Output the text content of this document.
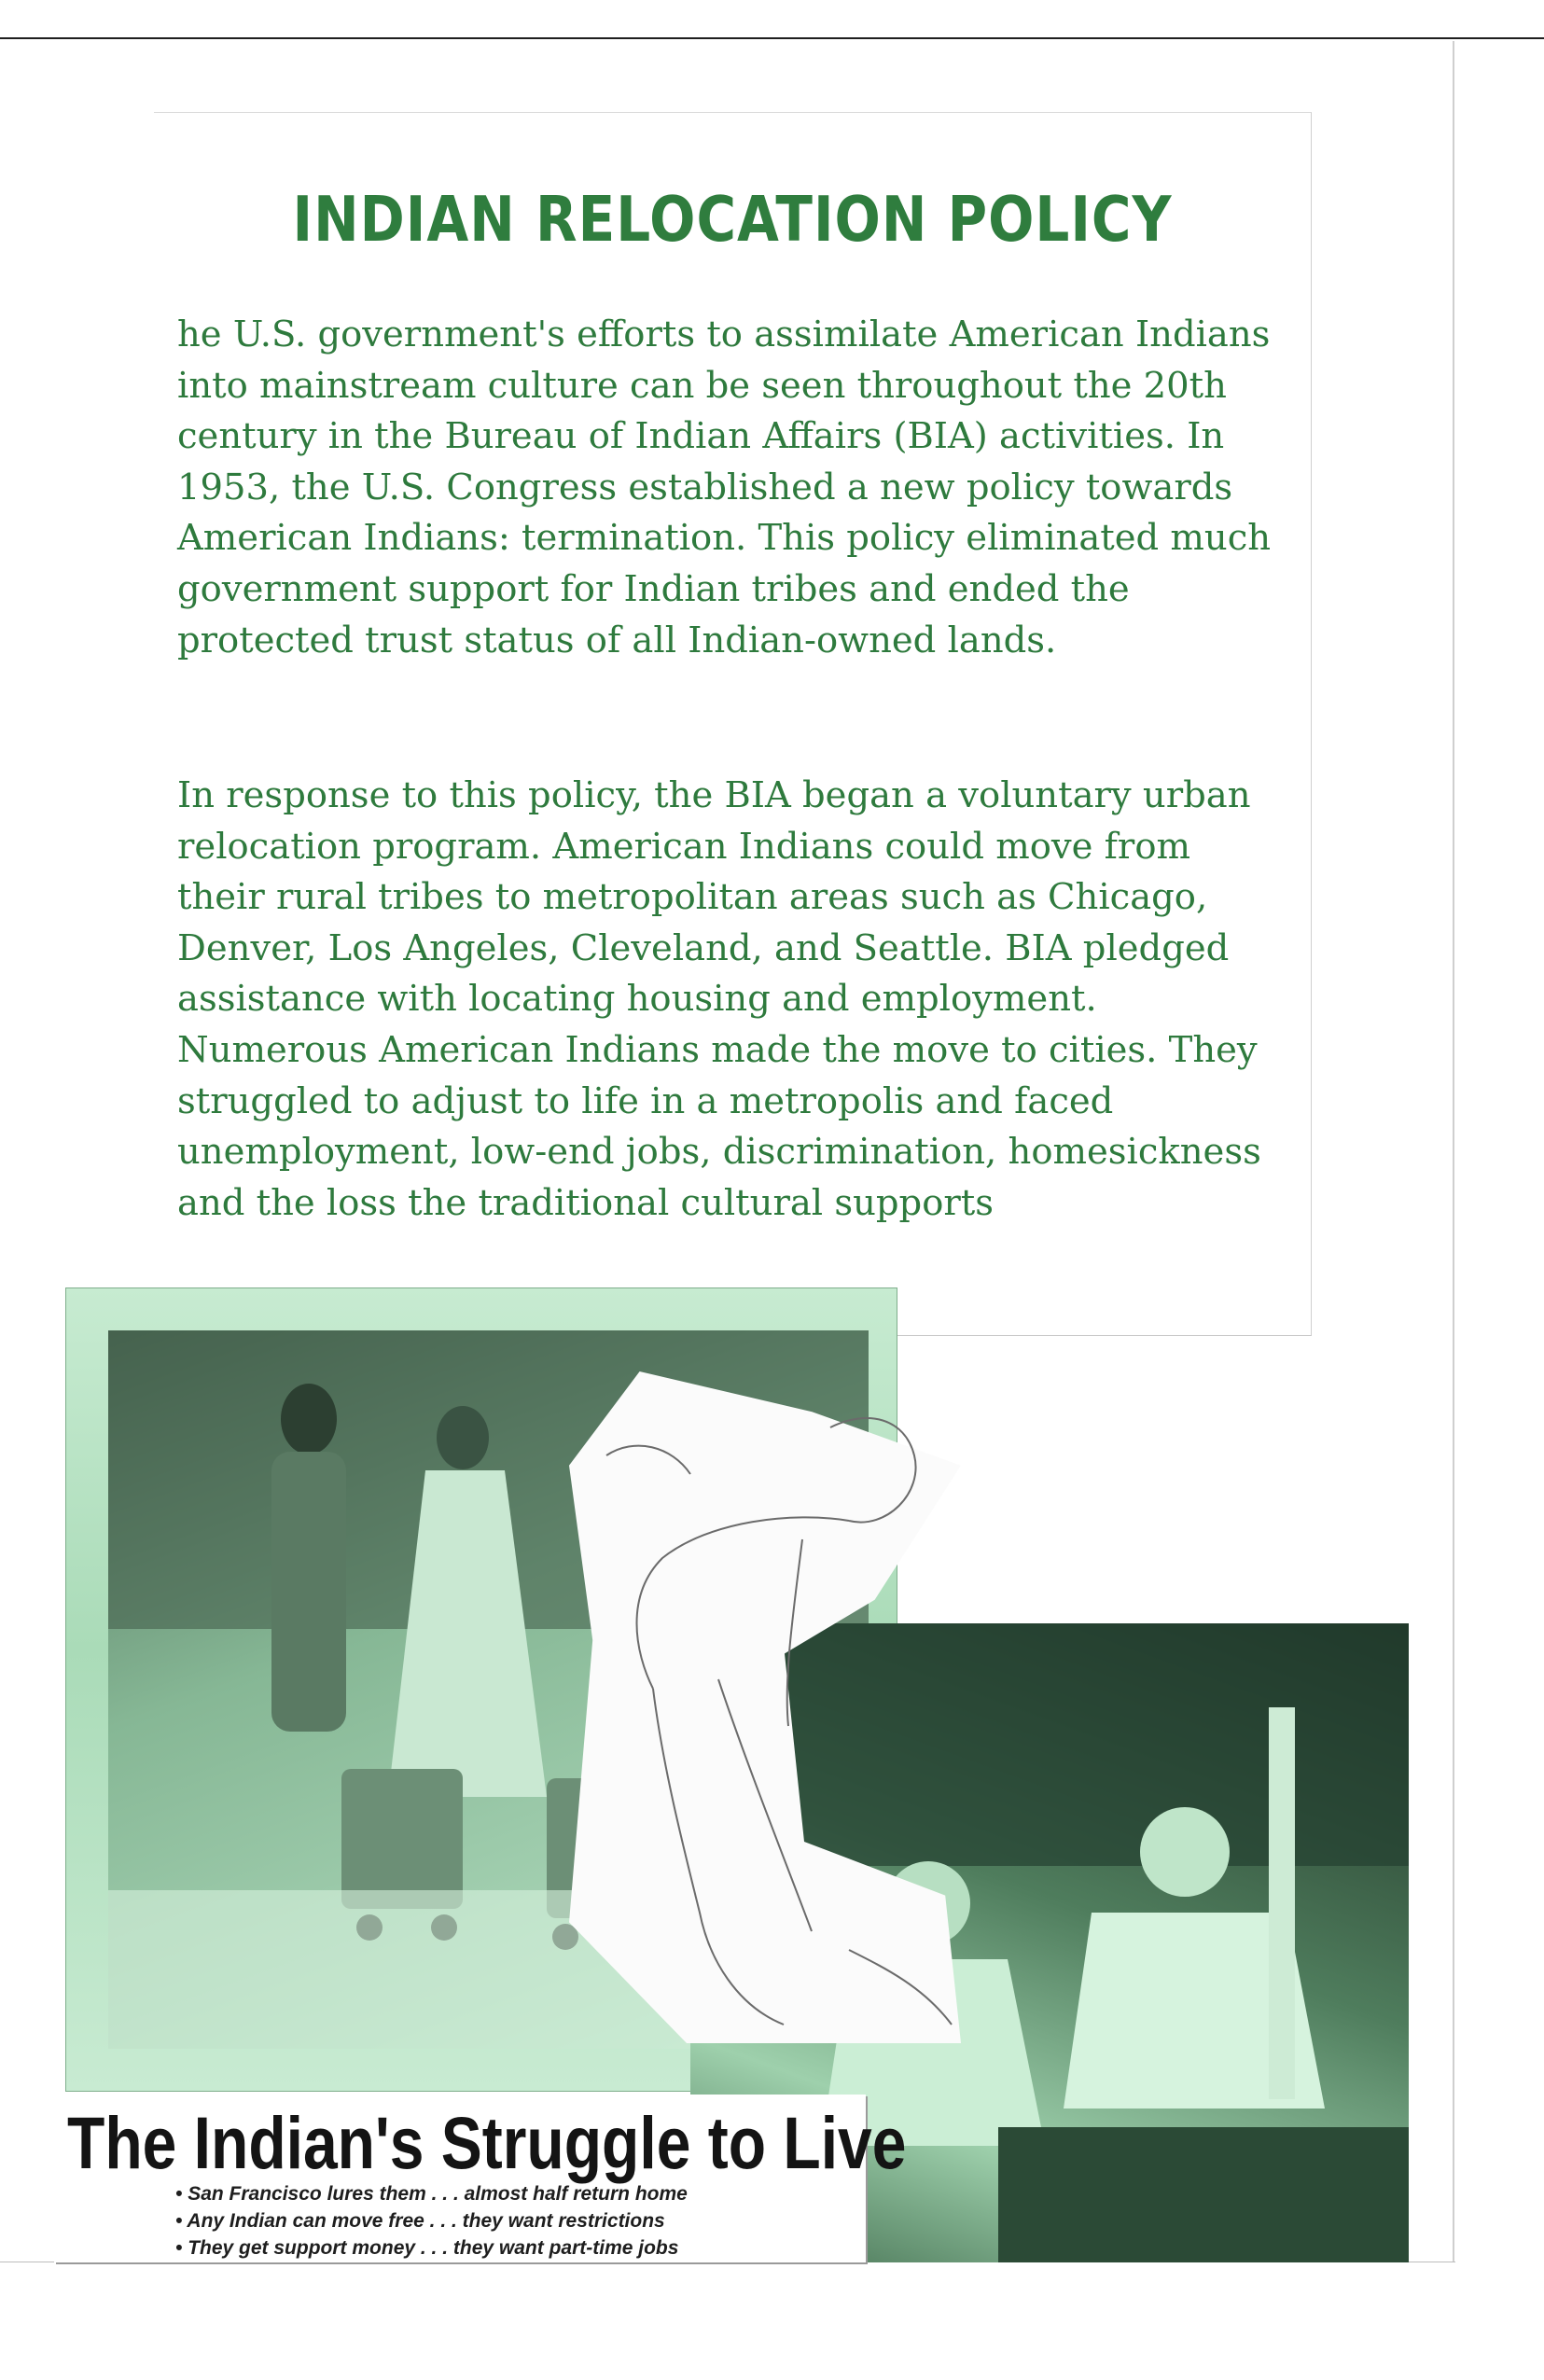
INDIAN RELOCATION POLICY

he U.S. government's efforts to assimilate American Indians into mainstream culture can be seen throughout the 20th century in the Bureau of Indian Affairs (BIA) activities. In 1953, the U.S. Congress established a new policy towards American Indians: termination. This policy eliminated much government support for Indian tribes and ended the protected trust status of all Indian-owned lands.

In response to this policy, the BIA began a voluntary urban relocation program. American Indians could move from their rural tribes to metropolitan areas such as Chicago, Denver, Los Angeles, Cleveland, and Seattle. BIA pledged assistance with locating housing and employment. Numerous American Indians made the move to cities. They struggled to adjust to life in a metropolis and faced unemployment, low-end jobs, discrimination, homesickness and the loss the traditional cultural supports

The Indian's Struggle to Live

• San Francisco lures them . . . almost half return home
• Any Indian can move free . . . they want restrictions
• They get support money . . . they want part-time jobs
